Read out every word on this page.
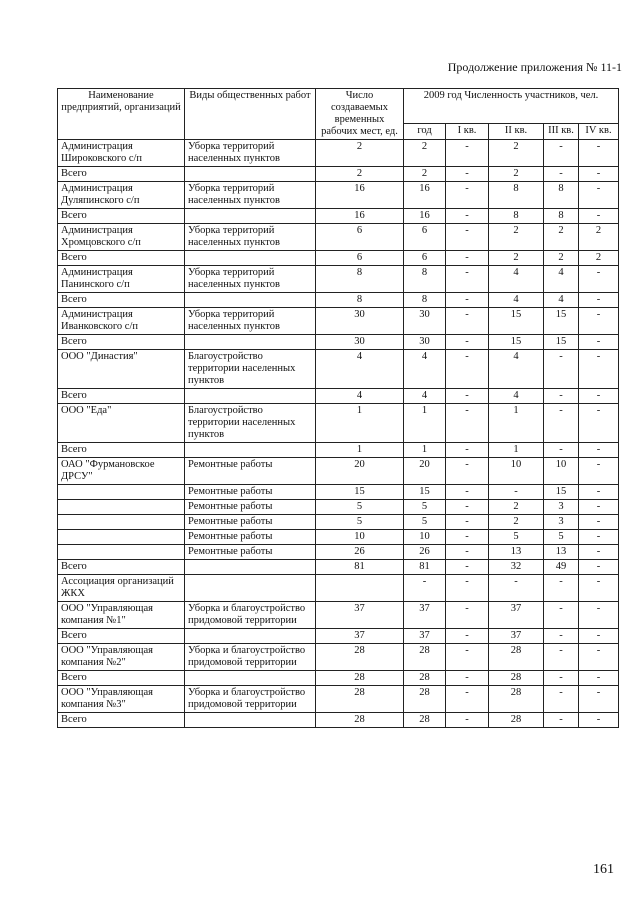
Продолжение приложения № 11-1
Наименование предприятий, организаций	Виды общественных работ	Число создаваемых временных рабочих мест, ед.	2009 год Численность участников, чел.				
			год	I кв.	II кв.	III кв.	IV кв.
Администрация Широковского с/п	Уборка территорий населенных пунктов	2	2	-	2	-	-
Всего		2	2	-	2	-	-
Администрация Дуляпинского с/п	Уборка территорий населенных пунктов	16	16	-	8	8	-
Всего		16	16	-	8	8	-
Администрация Хромцовского с/п	Уборка территорий населенных пунктов	6	6	-	2	2	2
Всего		6	6	-	2	2	2
Администрация Панинского с/п	Уборка территорий населенных пунктов	8	8	-	4	4	-
Всего		8	8	-	4	4	-
Администрация Иванковского с/п	Уборка территорий населенных пунктов	30	30	-	15	15	-
Всего		30	30	-	15	15	-
ООО "Династия"	Благоустройство территории населенных пунктов	4	4	-	4	-	-
Всего		4	4	-	4	-	-
ООО "Еда"	Благоустройство территории населенных пунктов	1	1	-	1	-	-
Всего		1	1	-	1	-	-
ОАО "Фурмановское ДРСУ"	Ремонтные работы	20	20	-	10	10	-
	Ремонтные работы	15	15	-	-	15	-
	Ремонтные работы	5	5	-	2	3	-
	Ремонтные работы	5	5	-	2	3	-
	Ремонтные работы	10	10	-	5	5	-
	Ремонтные работы	26	26	-	13	13	-
Всего		81	81	-	32	49	-
Ассоциация организаций ЖКХ			-	-	-	-	-
ООО "Управляющая компания №1"	Уборка и благоустройство придомовой территории	37	37	-	37	-	-
Всего		37	37	-	37	-	-
ООО "Управляющая компания №2"	Уборка и благоустройство придомовой территории	28	28	-	28	-	-
Всего		28	28	-	28	-	-
ООО "Управляющая компания №3"	Уборка и благоустройство придомовой территории	28	28	-	28	-	-
Всего		28	28	-	28	-	-
161
